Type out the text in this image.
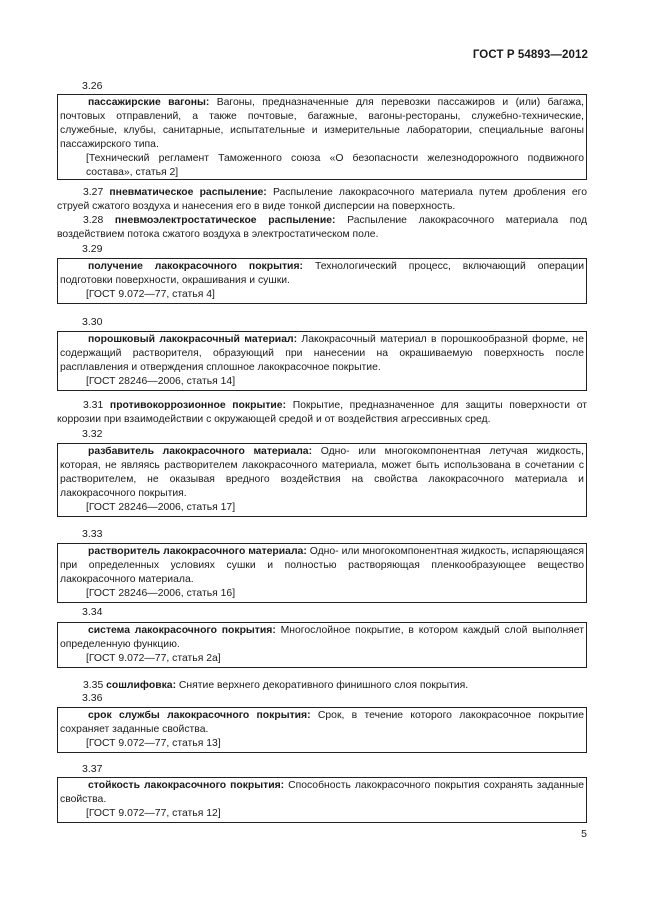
ГОСТ Р 54893—2012
3.26

пассажирские вагоны: Вагоны, предназначенные для перевозки пассажиров и (или) багажа, почтовых отправлений, а также почтовые, багажные, вагоны-рестораны, служебно-технические, служебные, клубы, санитарные, испытательные и измерительные лаборатории, специальные вагоны пассажирского типа.

[Технический регламент Таможенного союза «О безопасности железнодорожного подвижного состава», статья 2]

3.27 пневматическое распыление: Распыление лакокрасочного материала путем дробления его струей сжатого воздуха и нанесения его в виде тонкой дисперсии на поверхность.

3.28 пневмоэлектростатическое распыление: Распыление лакокрасочного материала под воздействием потока сжатого воздуха в электростатическом поле.

3.29

получение лакокрасочного покрытия: Технологический процесс, включающий операции подготовки поверхности, окрашивания и сушки.

[ГОСТ 9.072—77, статья 4]

3.30

порошковый лакокрасочный материал: Лакокрасочный материал в порошкообразной форме, не содержащий растворителя, образующий при нанесении на окрашиваемую поверхность после расплавления и отверждения сплошное лакокрасочное покрытие.

[ГОСТ 28246—2006, статья 14]

3.31 противокоррозионное покрытие: Покрытие, предназначенное для защиты поверхности от коррозии при взаимодействии с окружающей средой и от воздействия агрессивных сред.

3.32

разбавитель лакокрасочного материала: Одно- или многокомпонентная летучая жидкость, которая, не являясь растворителем лакокрасочного материала, может быть использована в сочетании с растворителем, не оказывая вредного воздействия на свойства лакокрасочного материала и лакокрасочного покрытия.

[ГОСТ 28246—2006, статья 17]

3.33

растворитель лакокрасочного материала: Одно- или многокомпонентная жидкость, испаряющаяся при определенных условиях сушки и полностью растворяющая пленкообразующее вещество лакокрасочного материала.

[ГОСТ 28246—2006, статья 16]

3.34

система лакокрасочного покрытия: Многослойное покрытие, в котором каждый слой выполняет определенную функцию.

[ГОСТ 9.072—77, статья 2а]

3.35 сошлифовка: Снятие верхнего декоративного финишного слоя покрытия.

3.36

срок службы лакокрасочного покрытия: Срок, в течение которого лакокрасочное покрытие сохраняет заданные свойства.

[ГОСТ 9.072—77, статья 13]

3.37

стойкость лакокрасочного покрытия: Способность лакокрасочного покрытия сохранять заданные свойства.

[ГОСТ 9.072—77, статья 12]

5
